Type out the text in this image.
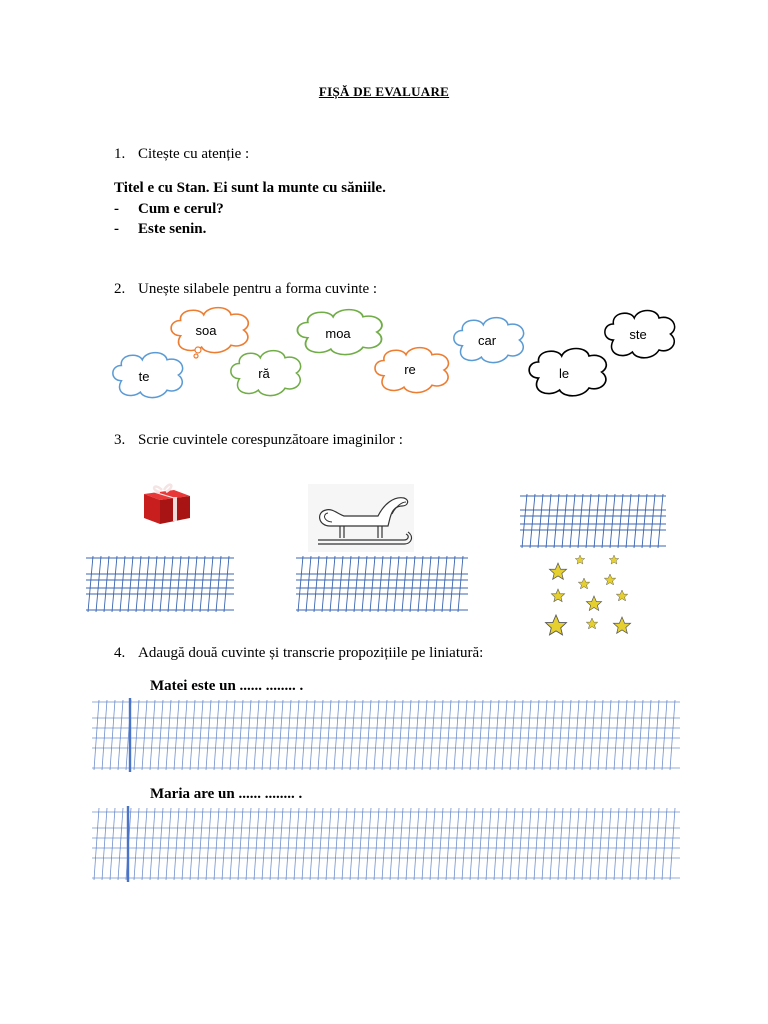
FIȘĂ DE EVALUARE
1. Citește cu atenție :
Titel e cu Stan. Ei sunt la munte cu săniile.
- Cum e cerul?
- Este senin.
2. Unește silabele pentru a forma cuvinte :
soa	moa	car	ste
te	ră	re	le
3. Scrie cuvintele corespunzătoare imaginilor :
4. Adaugă două cuvinte și transcrie propozițiile pe liniatură:
Matei este un ...... ........ .
Maria are un ...... ........ .
